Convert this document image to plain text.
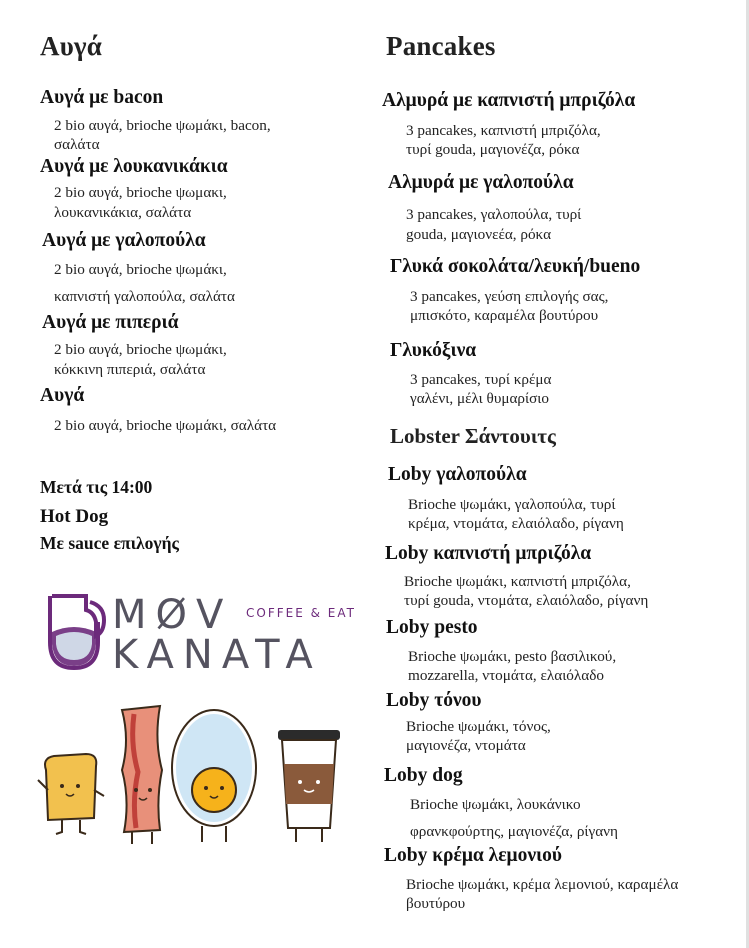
Αυγά
Αυγά με bacon
2 bio αυγά, brioche ψωμάκι, bacon,
σαλάτα
Αυγά με λουκανικάκια
2 bio αυγά, brioche ψωμακι,
λουκανικάκια, σαλάτα
Αυγά με γαλοπούλα
2 bio αυγά, brioche ψωμάκι,
καπνιστή γαλοπούλα, σαλάτα
Αυγά με πιπεριά
2 bio αυγά, brioche ψωμάκι,
κόκκινη πιπεριά, σαλάτα
Αυγά
2 bio αυγά, brioche ψωμάκι, σαλάτα
Μετά τις 14:00
Hot Dog
Με sauce επιλογής
MØV COFFEE & EAT
KANATA
Pancakes
Αλμυρά με καπνιστή μπριζόλα
3 pancakes, καπνιστή μπριζόλα,
τυρί gouda, μαγιονέζα, ρόκα
Αλμυρά με γαλοπούλα
3 pancakes, γαλοπούλα, τυρί
gouda, μαγιονεέα, ρόκα
Γλυκά σοκολάτα/λευκή/bueno
3 pancakes, γεύση επιλογής σας,
μπισκότο, καραμέλα βουτύρου
Γλυκόξινα
3 pancakes, τυρί κρέμα
γαλένι, μέλι θυμαρίσιο
Lobster Σάντουιτς
Loby γαλοπούλα
Brioche ψωμάκι, γαλοπούλα, τυρί
κρέμα, ντομάτα, ελαιόλαδο, ρίγανη
Loby καπνιστή μπριζόλα
Brioche ψωμάκι, καπνιστή μπριζόλα,
τυρί gouda, ντομάτα, ελαιόλαδο, ρίγανη
Loby pesto
Brioche ψωμάκι, pesto βασιλικού,
mozzarella, ντομάτα, ελαιόλαδο
Loby τόνου
Brioche ψωμάκι, τόνος,
μαγιονέζα, ντομάτα
Loby dog
Brioche ψωμάκι, λουκάνικο
φρανκφούρτης, μαγιονέζα, ρίγανη
Loby κρέμα λεμονιού
Brioche ψωμάκι, κρέμα λεμονιού, καραμέλα
βουτύρου
